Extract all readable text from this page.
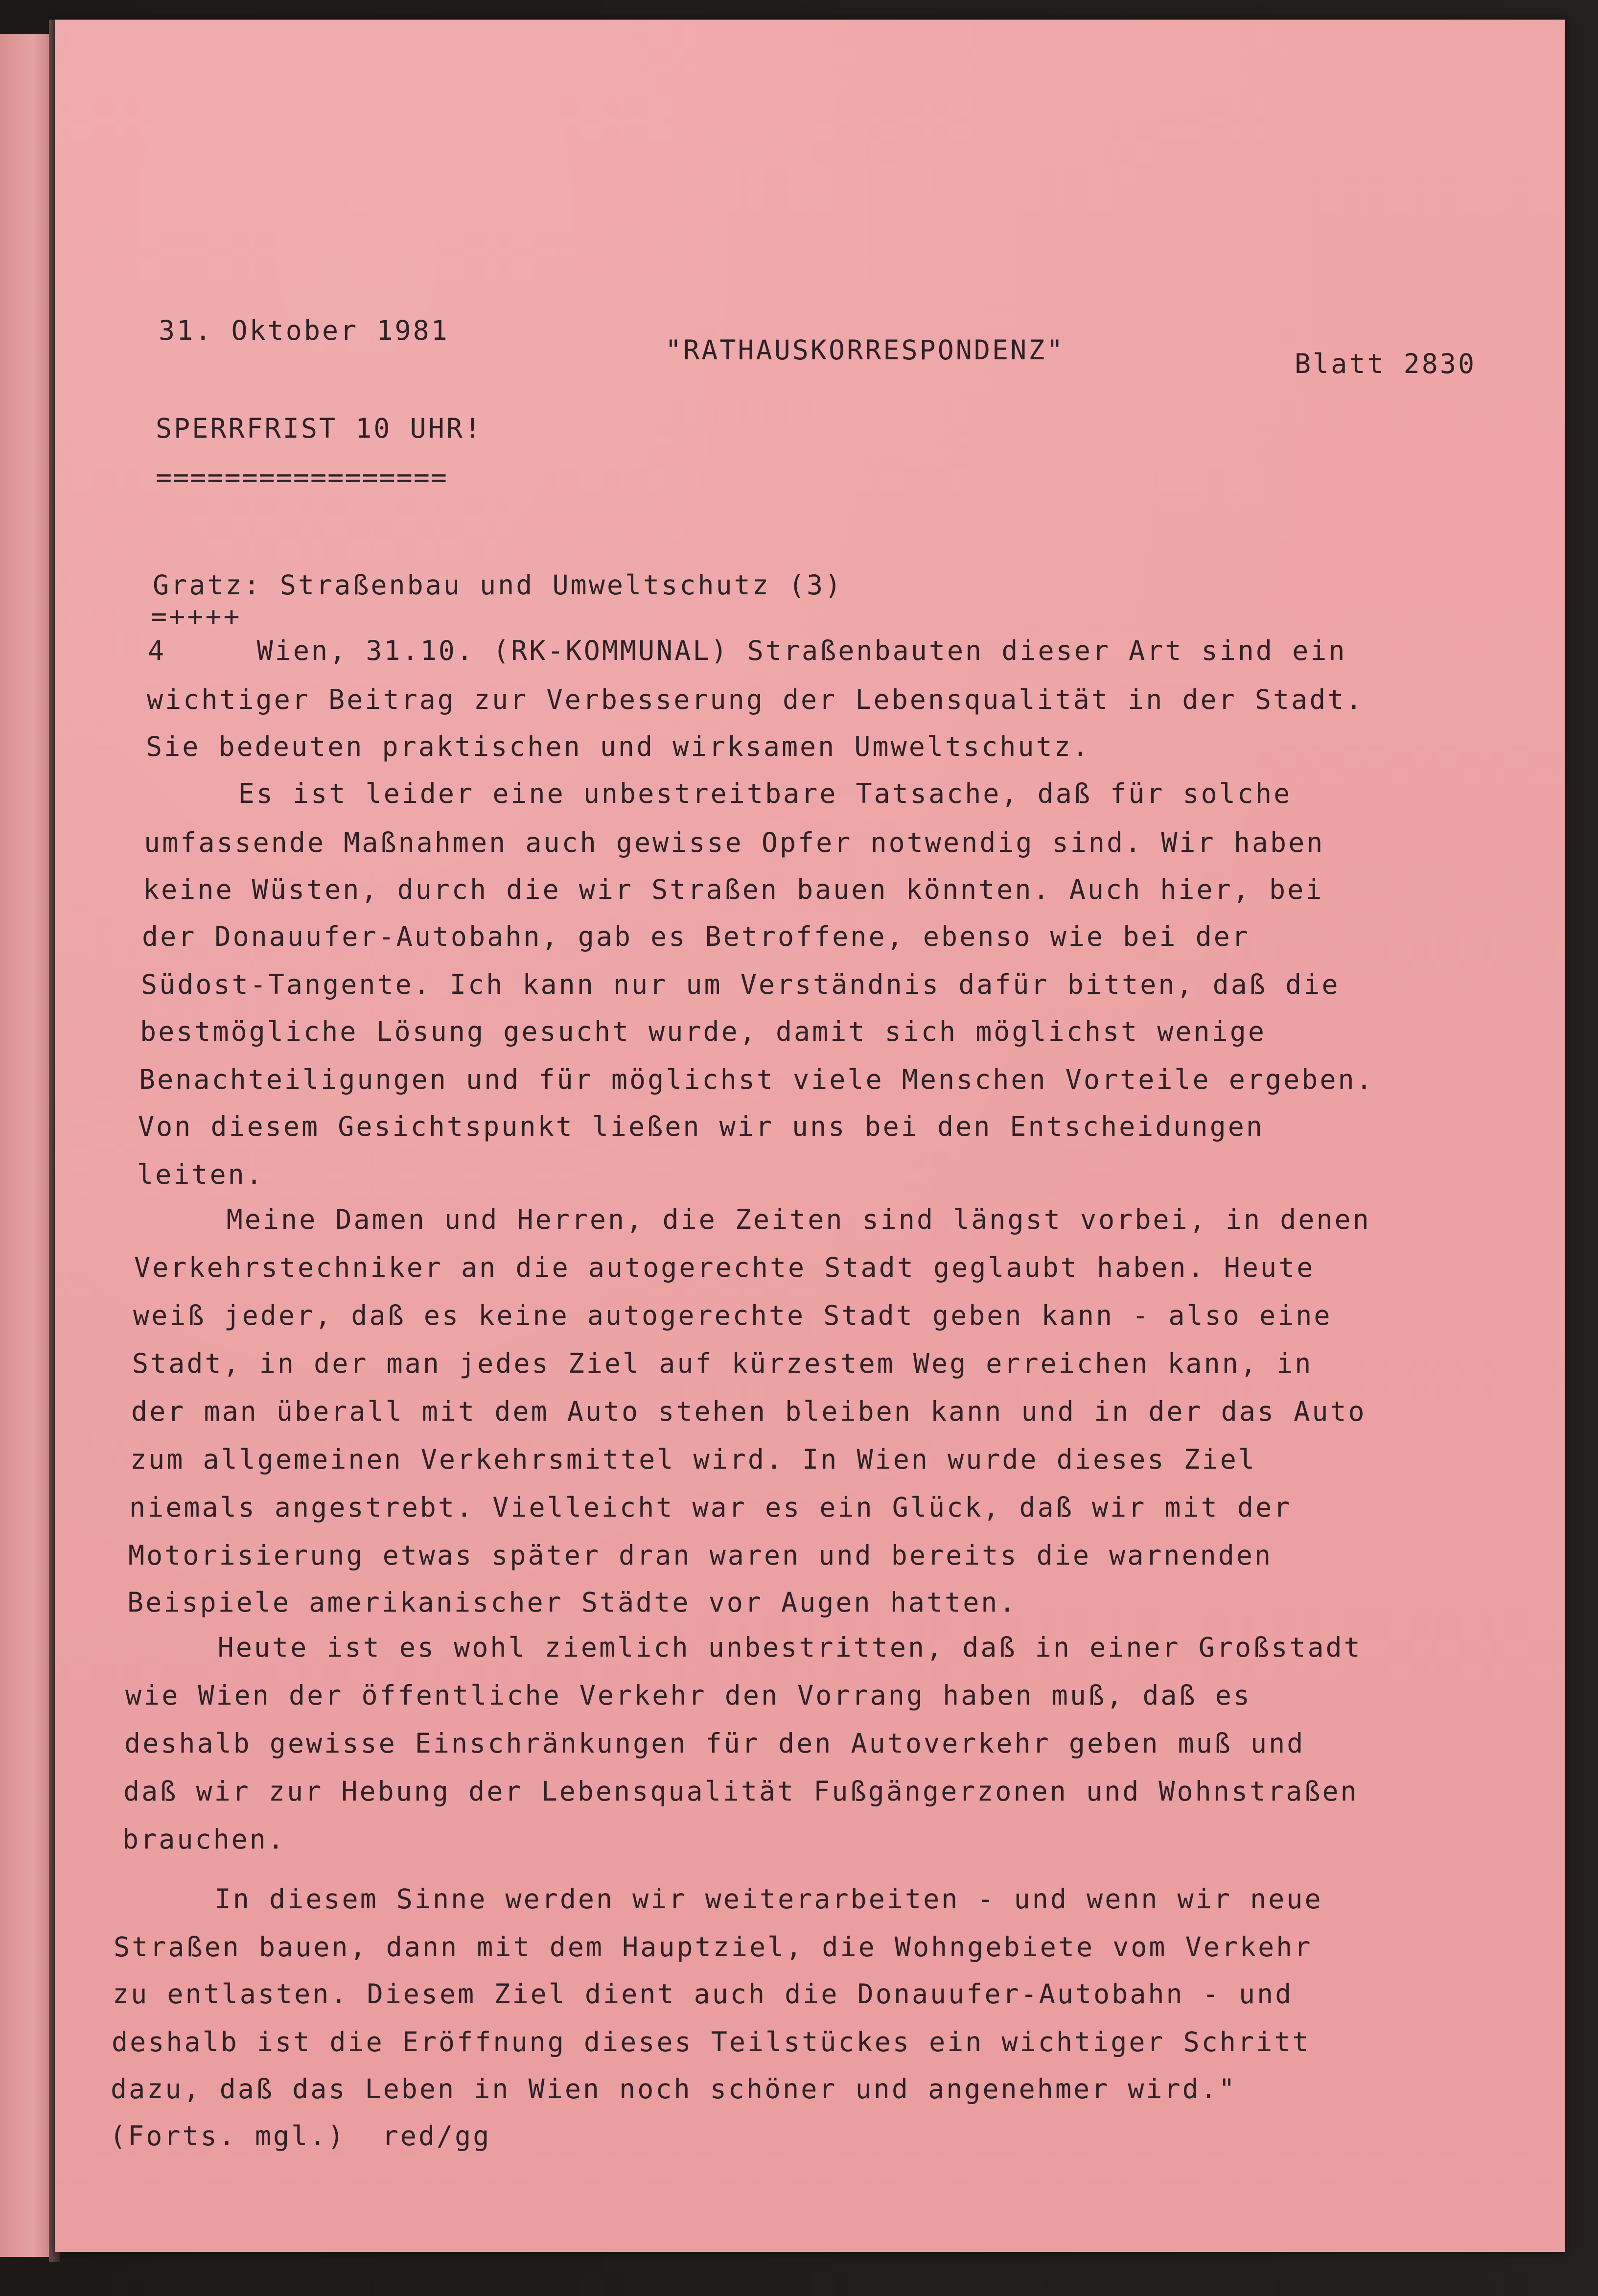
31. Oktober 1981
"RATHAUSKORRESPONDENZ"	Blatt 2830
SPERRFRIST 10 UHR!
=================
Gratz: Straßenbau und Umweltschutz (3)
=++++
4     Wien, 31.10. (RK-KOMMUNAL) Straßenbauten dieser Art sind ein
wichtiger Beitrag zur Verbesserung der Lebensqualität in der Stadt.
Sie bedeuten praktischen und wirksamen Umweltschutz.
Es ist leider eine unbestreitbare Tatsache, daß für solche
umfassende Maßnahmen auch gewisse Opfer notwendig sind. Wir haben
keine Wüsten, durch die wir Straßen bauen könnten. Auch hier, bei
der Donauufer-Autobahn, gab es Betroffene, ebenso wie bei der
Südost-Tangente. Ich kann nur um Verständnis dafür bitten, daß die
bestmögliche Lösung gesucht wurde, damit sich möglichst wenige
Benachteiligungen und für möglichst viele Menschen Vorteile ergeben.
Von diesem Gesichtspunkt ließen wir uns bei den Entscheidungen
leiten.
Meine Damen und Herren, die Zeiten sind längst vorbei, in denen
Verkehrstechniker an die autogerechte Stadt geglaubt haben. Heute
weiß jeder, daß es keine autogerechte Stadt geben kann - also eine
Stadt, in der man jedes Ziel auf kürzestem Weg erreichen kann, in
der man überall mit dem Auto stehen bleiben kann und in der das Auto
zum allgemeinen Verkehrsmittel wird. In Wien wurde dieses Ziel
niemals angestrebt. Vielleicht war es ein Glück, daß wir mit der
Motorisierung etwas später dran waren und bereits die warnenden
Beispiele amerikanischer Städte vor Augen hatten.
Heute ist es wohl ziemlich unbestritten, daß in einer Großstadt
wie Wien der öffentliche Verkehr den Vorrang haben muß, daß es
deshalb gewisse Einschränkungen für den Autoverkehr geben muß und
daß wir zur Hebung der Lebensqualität Fußgängerzonen und Wohnstraßen
brauchen.
In diesem Sinne werden wir weiterarbeiten - und wenn wir neue
Straßen bauen, dann mit dem Hauptziel, die Wohngebiete vom Verkehr
zu entlasten. Diesem Ziel dient auch die Donauufer-Autobahn - und
deshalb ist die Eröffnung dieses Teilstückes ein wichtiger Schritt
dazu, daß das Leben in Wien noch schöner und angenehmer wird."
(Forts. mgl.)  red/gg
